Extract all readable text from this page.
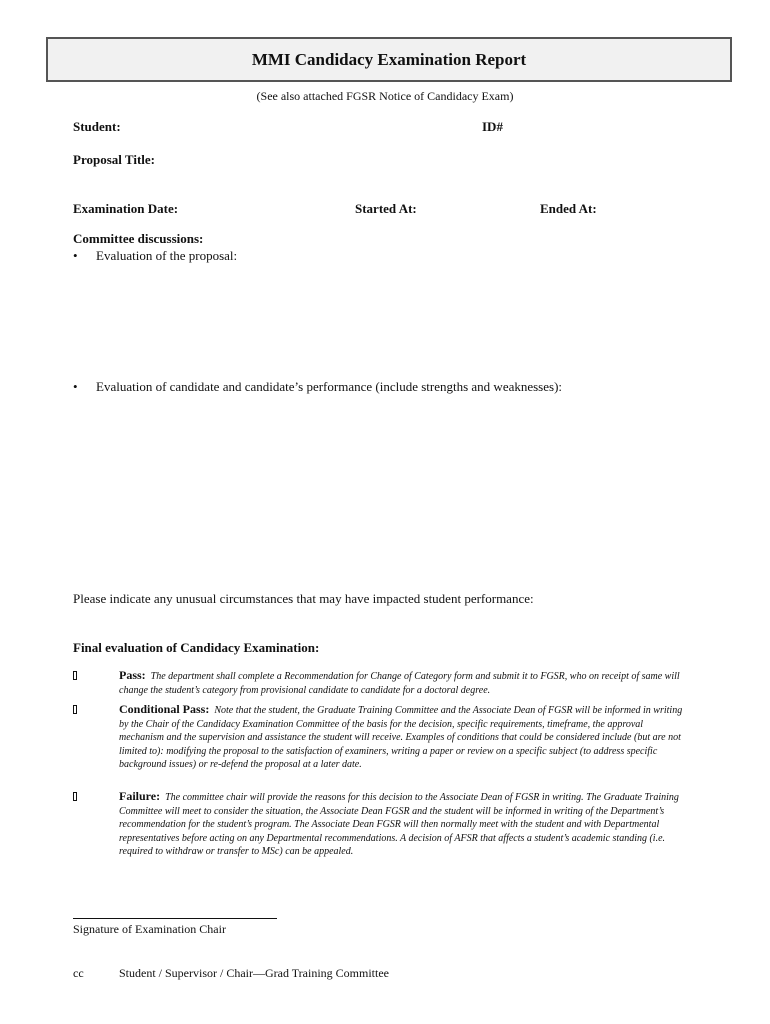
MMI Candidacy Examination Report
(See also attached FGSR Notice of Candidacy Exam)
Student:	ID#
Proposal Title:
Examination Date:	Started At:	Ended At:
Committee discussions:
•	Evaluation of the proposal:
•	Evaluation of candidate and candidate’s performance (include strengths and weaknesses):
Please indicate any unusual circumstances that may have impacted student performance:
Final evaluation of Candidacy Examination:
Pass: The department shall complete a Recommendation for Change of Category form and submit it to FGSR, who on receipt of same will change the student’s category from provisional candidate to candidate for a doctoral degree.
Conditional Pass: Note that the student, the Graduate Training Committee and the Associate Dean of FGSR will be informed in writing by the Chair of the Candidacy Examination Committee of the basis for the decision, specific requirements, timeframe, the approval mechanism and the supervision and assistance the student will receive. Examples of conditions that could be considered include (but are not limited to): modifying the proposal to the satisfaction of examiners, writing a paper or review on a specific subject (to address specific background issues) or re-defend the proposal at a later date.
Failure: The committee chair will provide the reasons for this decision to the Associate Dean of FGSR in writing. The Graduate Training Committee will meet to consider the situation, the Associate Dean FGSR and the student will be informed in writing of the Department’s recommendation for the student’s program. The Associate Dean FGSR will then normally meet with the student and with Departmental representatives before acting on any Departmental recommendations. A decision of AFSR that affects a student’s academic standing (i.e. required to withdraw or transfer to MSc) can be appealed.
Signature of Examination Chair
cc	Student / Supervisor / Chair—Grad Training Committee
